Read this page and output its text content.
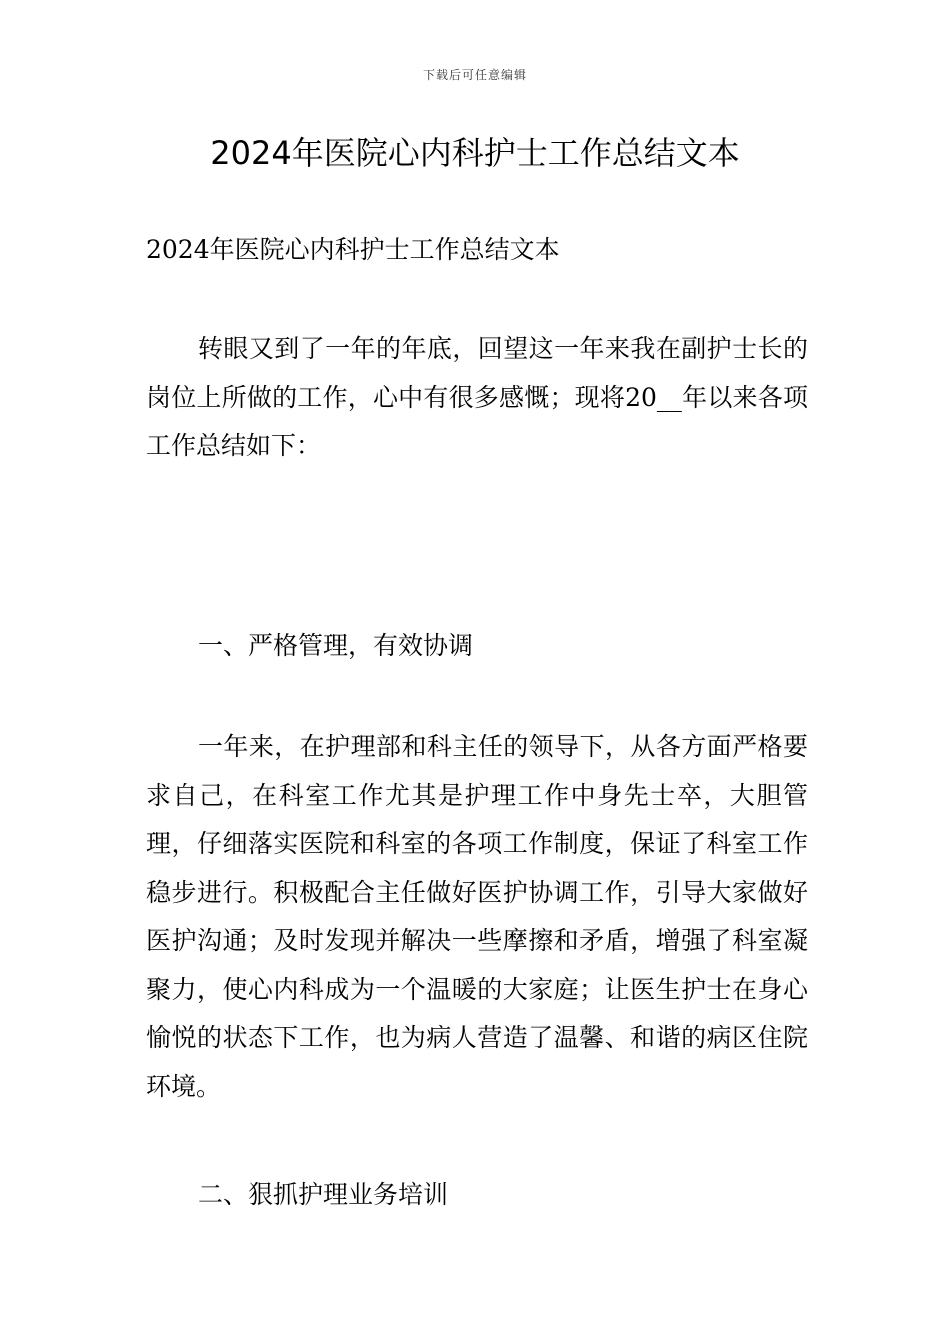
下载后可任意编辑
2024年医院心内科护士工作总结文本

2024年医院心内科护士工作总结文本

转眼又到了一年的年底，回望这一年来我在副护士长的岗位上所做的工作，心中有很多感慨；现将20__年以来各项工作总结如下：

一、严格管理，有效协调

一年来，在护理部和科主任的领导下，从各方面严格要求自己，在科室工作尤其是护理工作中身先士卒，大胆管理，仔细落实医院和科室的各项工作制度，保证了科室工作稳步进行。积极配合主任做好医护协调工作，引导大家做好医护沟通；及时发现并解决一些摩擦和矛盾，增强了科室凝聚力，使心内科成为一个温暖的大家庭；让医生护士在身心愉悦的状态下工作，也为病人营造了温馨、和谐的病区住院环境。

二、狠抓护理业务培训
